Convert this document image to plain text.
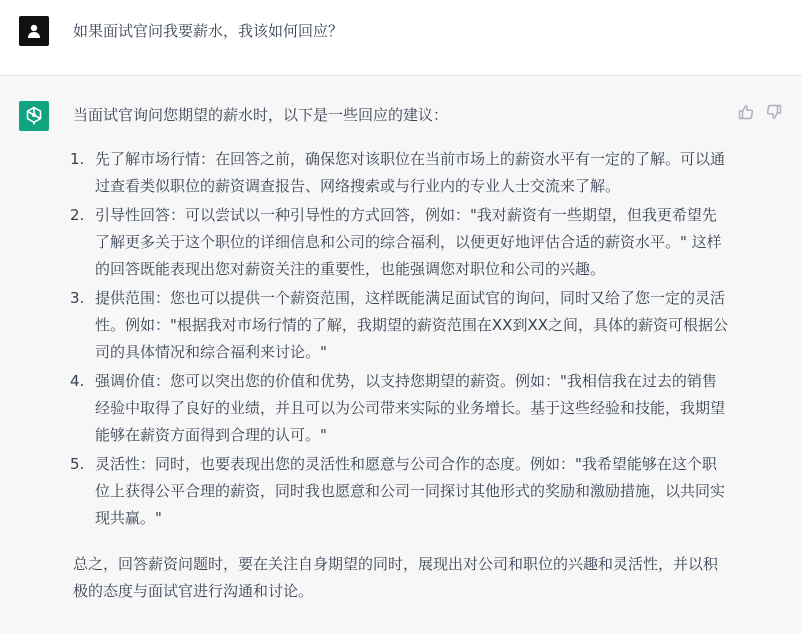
如果面试官问我要薪水，我该如何回应？

当面试官询问您期望的薪水时，以下是一些回应的建议：

1. 先了解市场行情：在回答之前，确保您对该职位在当前市场上的薪资水平有一定的了解。可以通过查看类似职位的薪资调查报告、网络搜索或与行业内的专业人士交流来了解。
2. 引导性回答：可以尝试以一种引导性的方式回答，例如："我对薪资有一些期望，但我更希望先了解更多关于这个职位的详细信息和公司的综合福利，以便更好地评估合适的薪资水平。" 这样的回答既能表现出您对薪资关注的重要性，也能强调您对职位和公司的兴趣。
3. 提供范围：您也可以提供一个薪资范围，这样既能满足面试官的询问，同时又给了您一定的灵活性。例如："根据我对市场行情的了解，我期望的薪资范围在XX到XX之间，具体的薪资可根据公司的具体情况和综合福利来讨论。"
4. 强调价值：您可以突出您的价值和优势，以支持您期望的薪资。例如："我相信我在过去的销售经验中取得了良好的业绩，并且可以为公司带来实际的业务增长。基于这些经验和技能，我期望能够在薪资方面得到合理的认可。"
5. 灵活性：同时，也要表现出您的灵活性和愿意与公司合作的态度。例如："我希望能够在这个职位上获得公平合理的薪资，同时我也愿意和公司一同探讨其他形式的奖励和激励措施，以共同实现共赢。"

总之，回答薪资问题时，要在关注自身期望的同时，展现出对公司和职位的兴趣和灵活性，并以积极的态度与面试官进行沟通和讨论。
